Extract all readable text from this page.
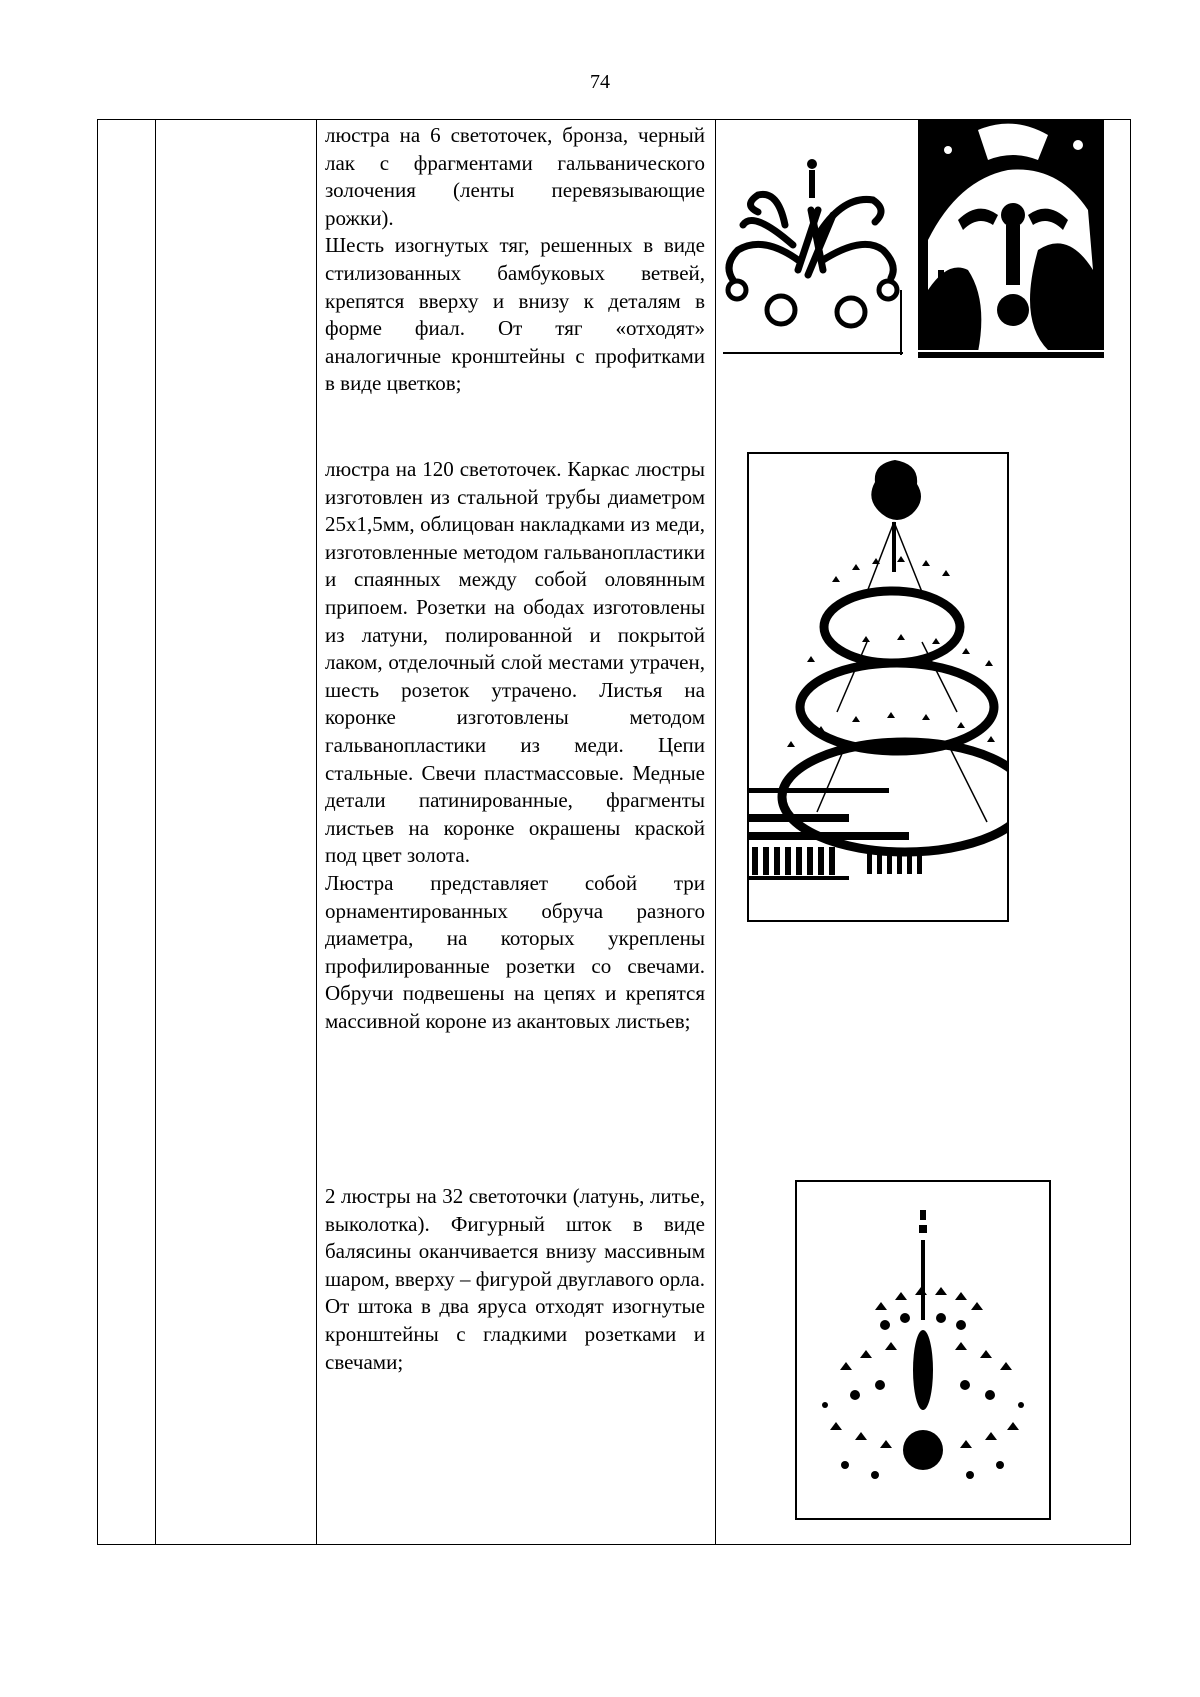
74

люстра на 6 светоточек, бронза, черный лак с фрагментами гальванического золочения (ленты перевязывающие рожки).

Шесть изогнутых тяг, решенных в виде стилизованных бамбуковых ветвей, крепятся вверху и внизу к деталям в форме фиал. От тяг «отходят» аналогичные кронштейны с профитками в виде цветков;

люстра на 120 светоточек. Каркас люстры изготовлен из стальной трубы диаметром 25х1,5мм, облицован накладками из меди, изготовленные методом гальванопластики и спаянных между собой оловянным припоем. Розетки на ободах изготовлены из латуни, полированной и покрытой лаком, отделочный слой местами утрачен, шесть розеток утрачено. Листья на коронке изготовлены методом гальванопластики из меди. Цепи стальные. Свечи пластмассовые. Медные детали патинированные, фрагменты листьев на коронке окрашены краской под цвет золота.

Люстра представляет собой три орнаментированных обруча разного диаметра, на которых укреплены профилированные розетки со свечами. Обручи подвешены на цепях и крепятся массивной короне из акантовых листьев;

2 люстры на 32 светоточки (латунь, литье, выколотка). Фигурный шток в виде балясины оканчивается внизу массивным шаром, вверху – фигурой двуглавого орла. От штока в два яруса отходят изогнутые кронштейны с гладкими розетками и свечами;
